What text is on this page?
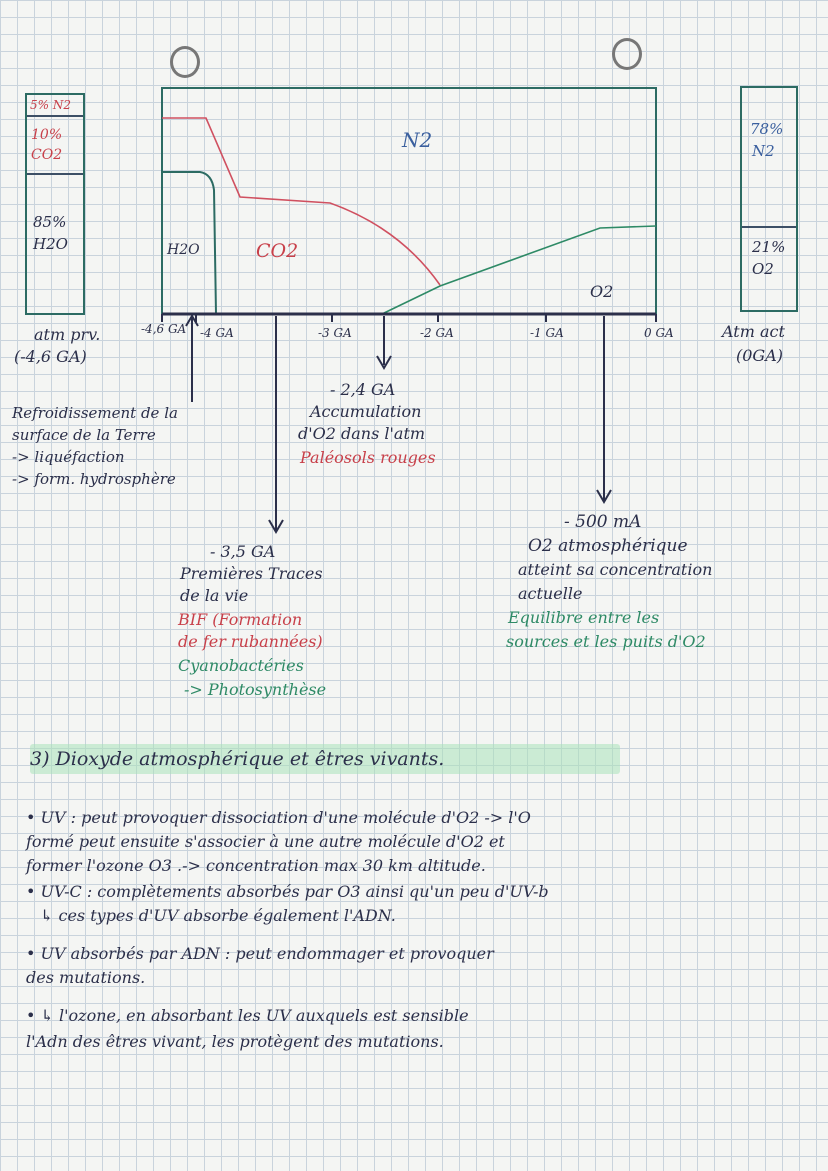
5% N2
10%
CO2
85%
H2O
atm prv.
(-4,6 GA)
78%
N2
21%
O2
Atm act
(0GA)
N2
H2O	CO2
O2
-4,6 GA -4 GA	-3 GA	-2 GA	-1 GA	0 GA
Refroidissement de la
surface de la Terre
-> liquéfaction
-> form. hydrosphère
- 2,4 GA
Accumulation
d'O2 dans l'atm
Paléosols rouges
- 3,5 GA
Premières Traces
de la vie
BIF (Formation
de fer rubannées)
Cyanobactéries
-> Photosynthèse
- 500 mA
O2 atmosphérique
atteint sa concentration
actuelle
Equilibre entre les
sources et les puits d'O2
3) Dioxyde atmosphérique et êtres vivants.
• UV : peut provoquer dissociation d'une molécule d'O2 -> l'O
formé peut ensuite s'associer à une autre molécule d'O2 et
former l'ozone O3 .-> concentration max 30 km altitude.
• UV-C : complètements absorbés par O3 ainsi qu'un peu d'UV-b
↳ ces types d'UV absorbe également l'ADN.
• UV absorbés par ADN : peut endommager et provoquer
des mutations.
• ↳ l'ozone, en absorbant les UV auxquels est sensible
l'Adn des êtres vivant, les protègent des mutations.
